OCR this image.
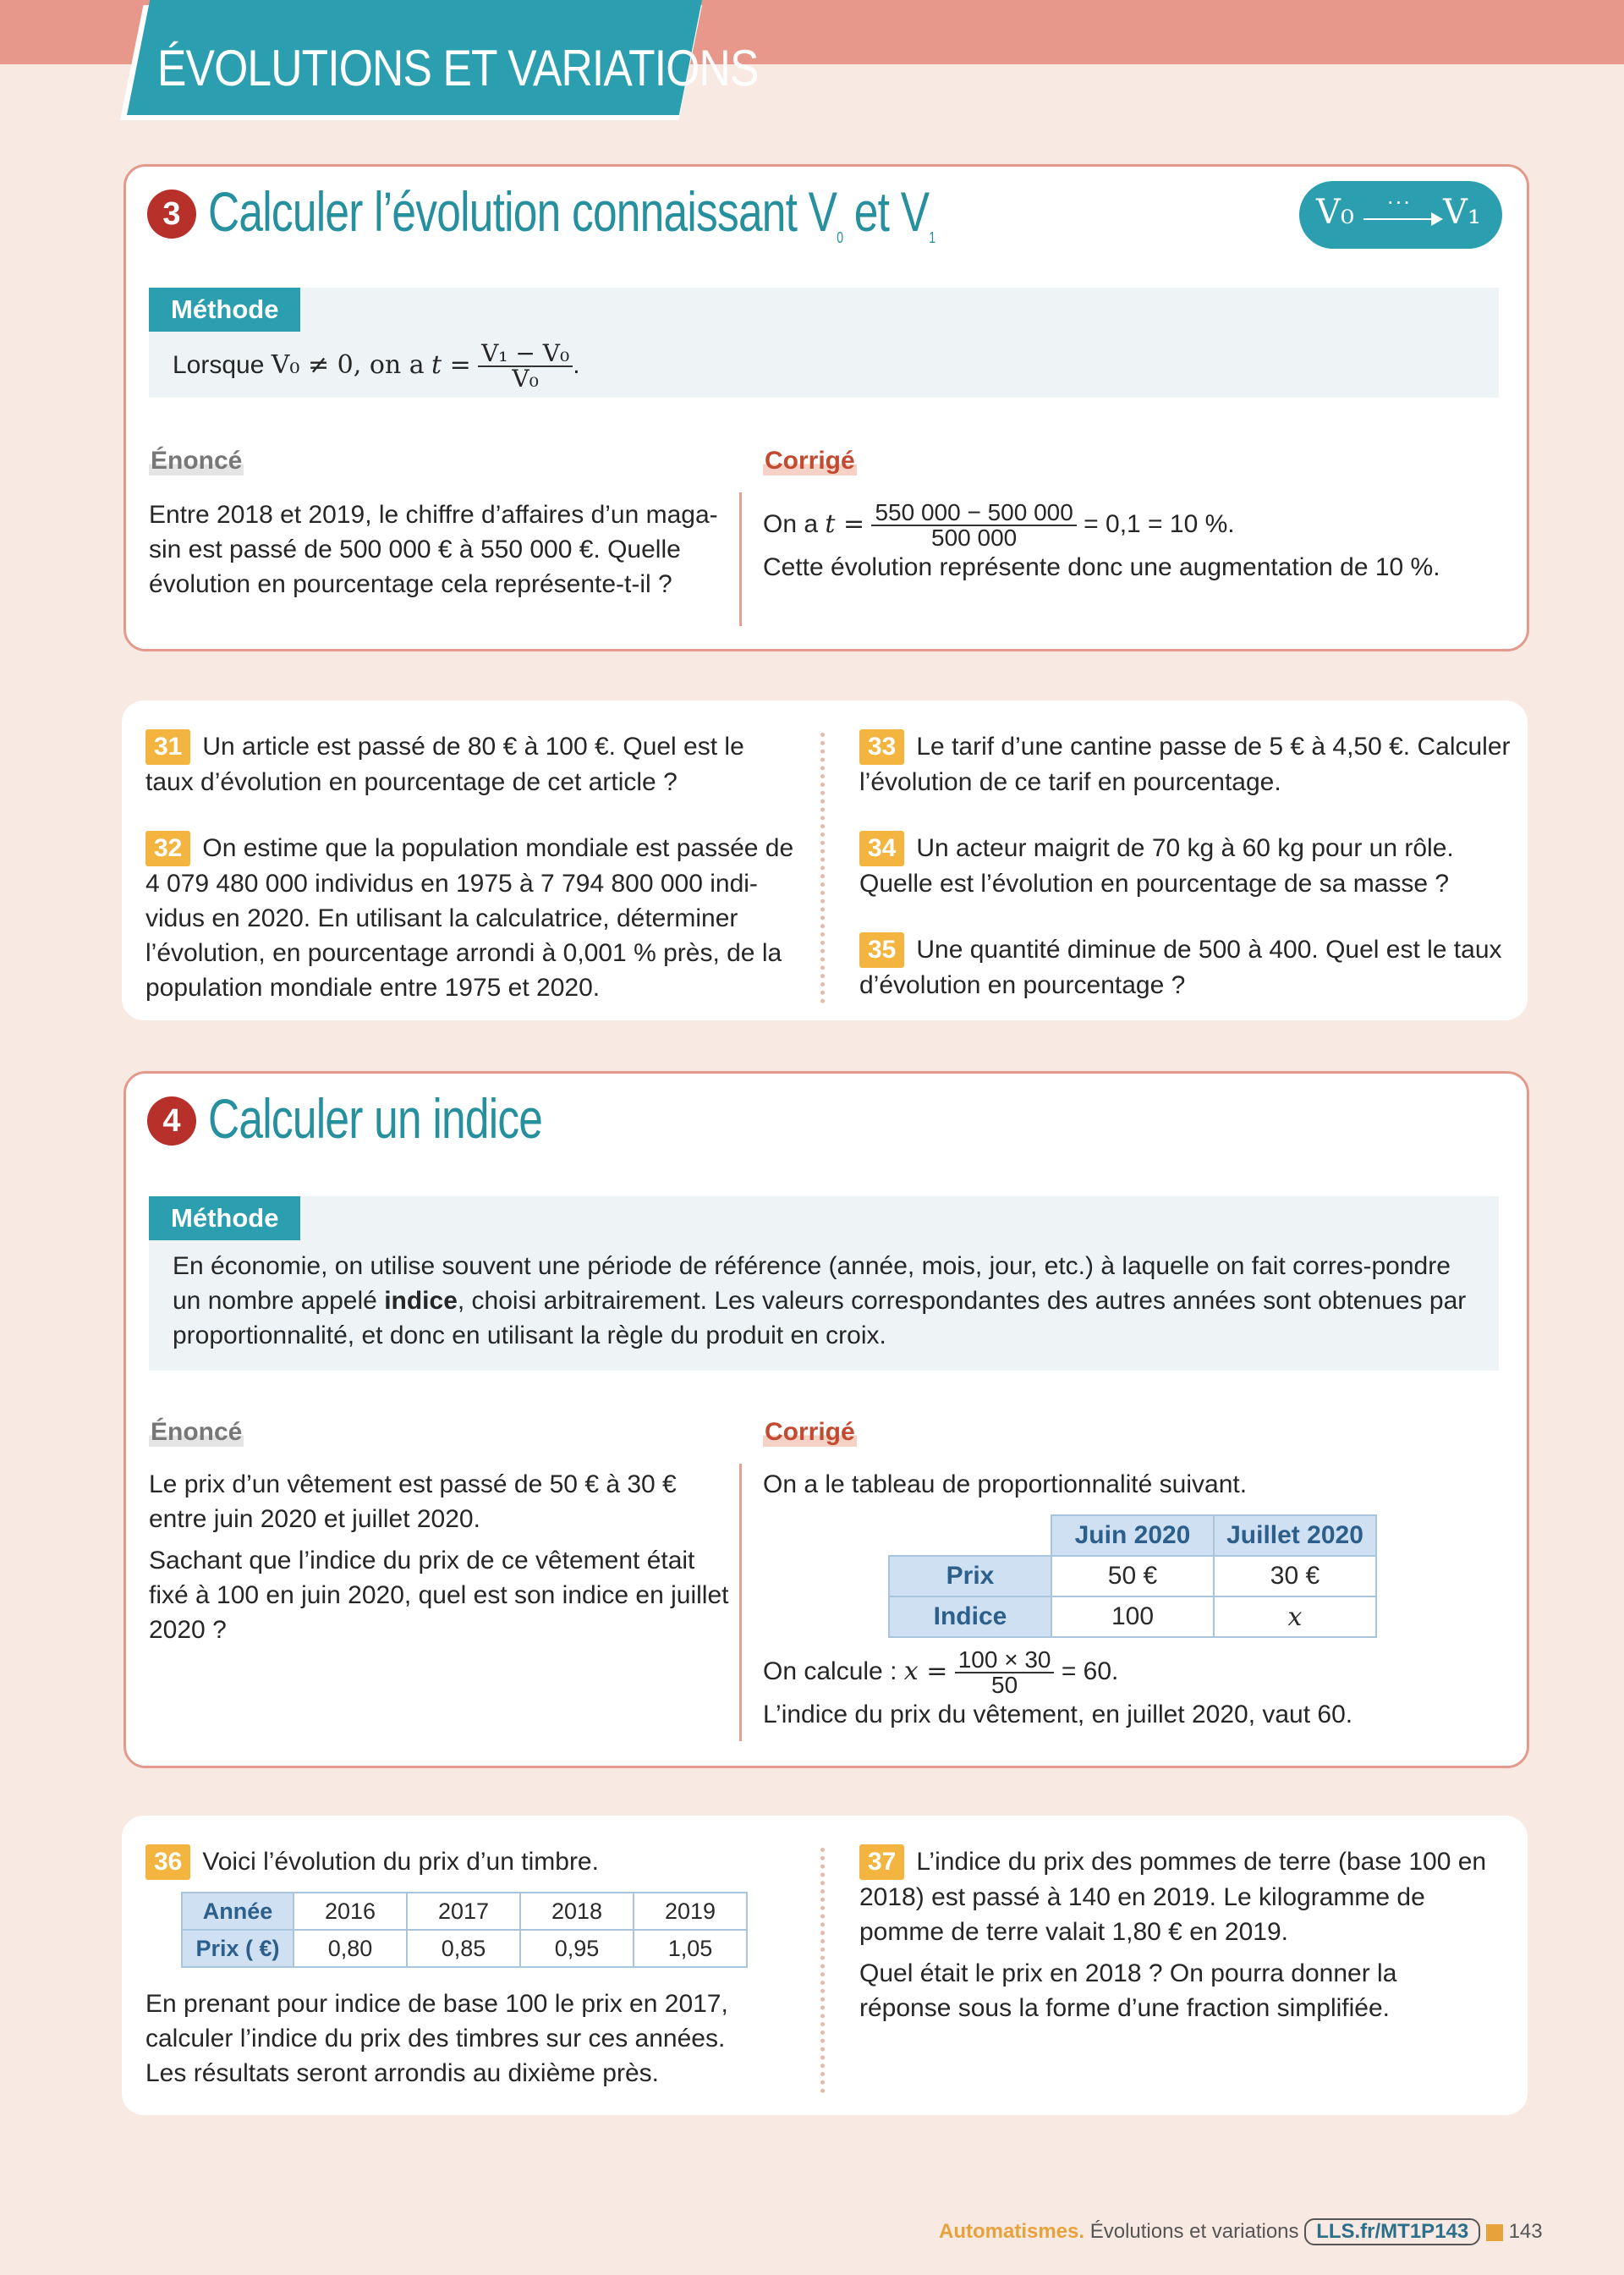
ÉVOLUTIONS ET VARIATIONS
3 Calculer l’évolution connaissant $V_0$ et $V_1$
V₀ ··· V₁
Méthode
Lorsque V₀ ≠ 0, on a $t = \frac{\text{V₁ − V₀}}{\text{V₀}}$ .
Énoncé
Entre 2018 et 2019, le chiffre d’affaires d’un maga-sin est passé de 500 000 € à 550 000 €. Quelle évolution en pourcentage cela représente-t-il ?
Corrigé
On a $t = \frac{550 000 - 500 000}{500 000} = 0,1 = 10$ %.
Cette évolution représente donc une augmentation de 10 %.
31 Un article est passé de 80 € à 100 €. Quel est le taux d’évolution en pourcentage de cet article ?
32 On estime que la population mondiale est passée de 4 079 480 000 individus en 1975 à 7 794 800 000 indi-vidus en 2020. En utilisant la calculatrice, déterminer l’évolution, en pourcentage arrondi à 0,001 % près, de la population mondiale entre 1975 et 2020.
33 Le tarif d’une cantine passe de 5 € à 4,50 €. Calculer l’évolution de ce tarif en pourcentage.
34 Un acteur maigrit de 70 kg à 60 kg pour un rôle. Quelle est l’évolution en pourcentage de sa masse ?
35 Une quantité diminue de 500 à 400. Quel est le taux d’évolution en pourcentage ?
4 Calculer un indice
Méthode
En économie, on utilise souvent une période de référence (année, mois, jour, etc.) à laquelle on fait corres-pondre un nombre appelé indice, choisi arbitrairement. Les valeurs correspondantes des autres années sont obtenues par proportionnalité, et donc en utilisant la règle du produit en croix.
Énoncé
Le prix d’un vêtement est passé de 50 € à 30 € entre juin 2020 et juillet 2020.
Sachant que l’indice du prix de ce vêtement était fixé à 100 en juin 2020, quel est son indice en juillet 2020 ?
Corrigé
On a le tableau de proportionnalité suivant.
	Juin 2020	Juillet 2020
Prix	50 €	30 €
Indice	100	x
On calcule : $x = \frac{100 \times 30}{50} = 60$.
L’indice du prix du vêtement, en juillet 2020, vaut 60.
36 Voici l’évolution du prix d’un timbre.
Année	2016	2017	2018	2019
Prix ( €)	0,80	0,85	0,95	1,05
En prenant pour indice de base 100 le prix en 2017, calculer l’indice du prix des timbres sur ces années. Les résultats seront arrondis au dixième près.
37 L’indice du prix des pommes de terre (base 100 en 2018) est passé à 140 en 2019. Le kilogramme de pomme de terre valait 1,80 € en 2019.
Quel était le prix en 2018 ? On pourra donner la réponse sous la forme d’une fraction simplifiée.
Automatismes. Évolutions et variations LLS.fr/MT1P143 143
